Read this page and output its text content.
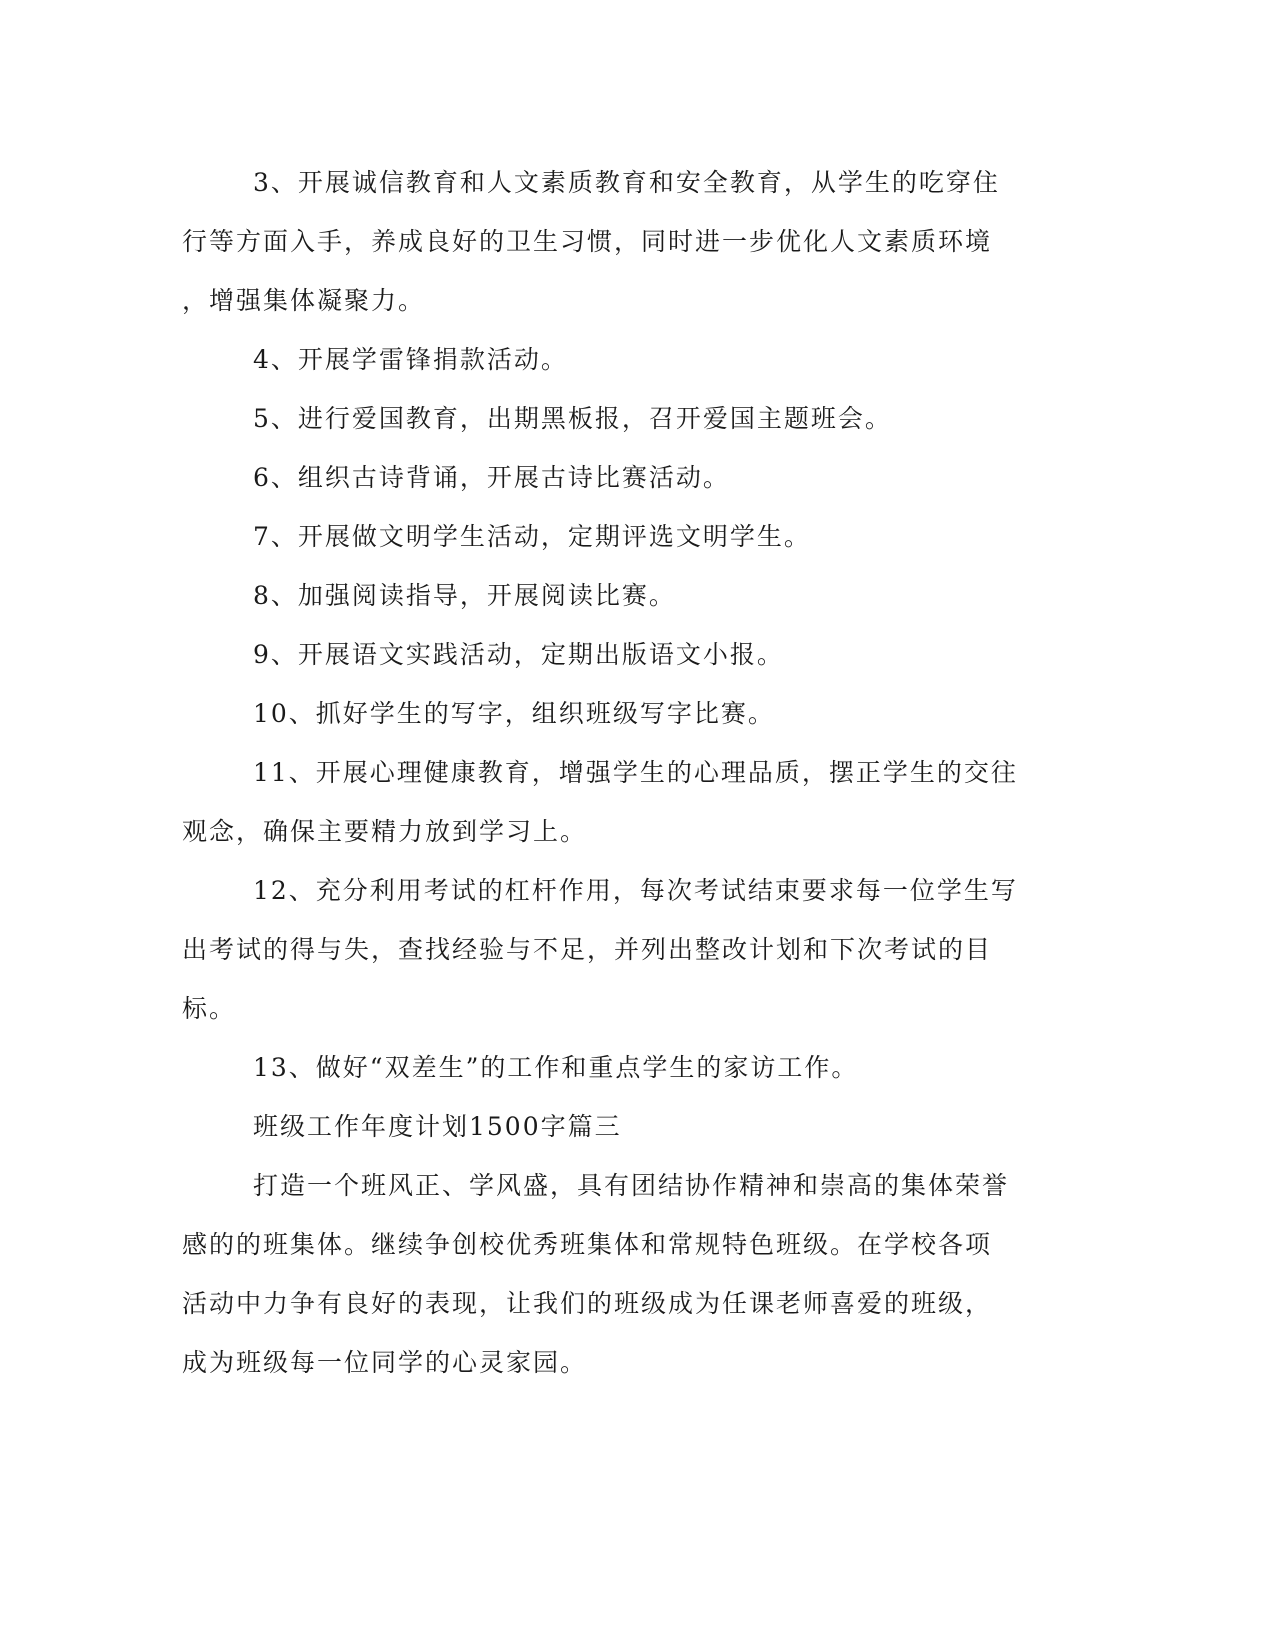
3、开展诚信教育和人文素质教育和安全教育，从学生的吃穿住
行等方面入手，养成良好的卫生习惯，同时进一步优化人文素质环境
，增强集体凝聚力。
4、开展学雷锋捐款活动。
5、进行爱国教育，出期黑板报，召开爱国主题班会。
6、组织古诗背诵，开展古诗比赛活动。
7、开展做文明学生活动，定期评选文明学生。
8、加强阅读指导，开展阅读比赛。
9、开展语文实践活动，定期出版语文小报。
10、抓好学生的写字，组织班级写字比赛。
11、开展心理健康教育，增强学生的心理品质，摆正学生的交往
观念，确保主要精力放到学习上。
12、充分利用考试的杠杆作用，每次考试结束要求每一位学生写
出考试的得与失，查找经验与不足，并列出整改计划和下次考试的目
标。
13、做好“双差生”的工作和重点学生的家访工作。
班级工作年度计划1500字篇三
打造一个班风正、学风盛，具有团结协作精神和崇高的集体荣誉
感的的班集体。继续争创校优秀班集体和常规特色班级。在学校各项
活动中力争有良好的表现，让我们的班级成为任课老师喜爱的班级，
成为班级每一位同学的心灵家园。
